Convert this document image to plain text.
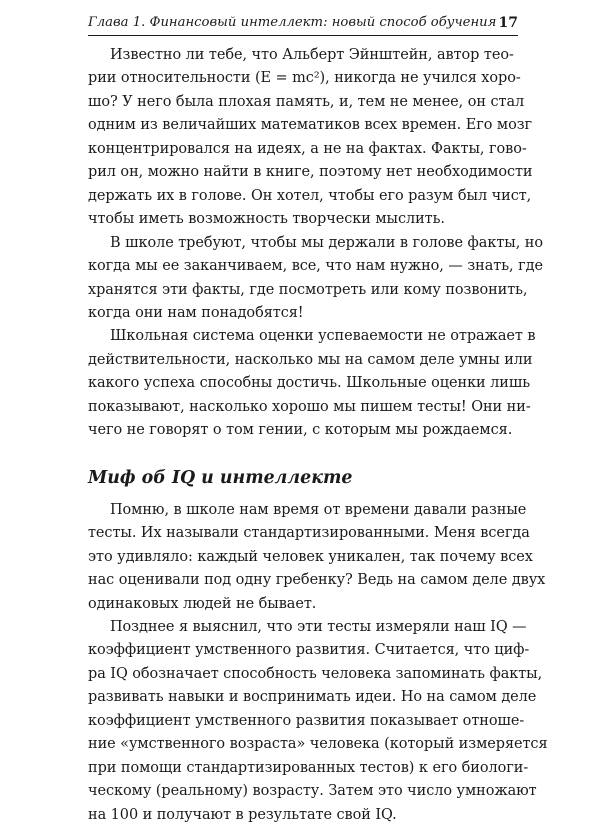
Глава 1. Финансовый интеллект: новый способ обучения 17

Известно ли тебе, что Альберт Эйнштейн, автор тео-
рии относительности (E = mc²), никогда не учился хоро-
шо? У него была плохая память, и, тем не менее, он стал
одним из величайших математиков всех времен. Его мозг
концентрировался на идеях, а не на фактах. Факты, гово-
рил он, можно найти в книге, поэтому нет необходимости
держать их в голове. Он хотел, чтобы его разум был чист,
чтобы иметь возможность творчески мыслить.

В школе требуют, чтобы мы держали в голове факты, но
когда мы ее заканчиваем, все, что нам нужно, — знать, где
хранятся эти факты, где посмотреть или кому позвонить,
когда они нам понадобятся!

Школьная система оценки успеваемости не отражает в
действительности, насколько мы на самом деле умны или
какого успеха способны достичь. Школьные оценки лишь
показывают, насколько хорошо мы пишем тесты! Они ни-
чего не говорят о том гении, с которым мы рождаемся.

Миф об IQ и интеллекте

Помню, в школе нам время от времени давали разные
тесты. Их называли стандартизированными. Меня всегда
это удивляло: каждый человек уникален, так почему всех
нас оценивали под одну гребенку? Ведь на самом деле двух
одинаковых людей не бывает.

Позднее я выяснил, что эти тесты измеряли наш IQ —
коэффициент умственного развития. Считается, что циф-
ра IQ обозначает способность человека запоминать факты,
развивать навыки и воспринимать идеи. Но на самом деле
коэффициент умственного развития показывает отноше-
ние «умственного возраста» человека (который измеряется
при помощи стандартизированных тестов) к его биологи-
ческому (реальному) возрасту. Затем это число умножают
на 100 и получают в результате свой IQ.
